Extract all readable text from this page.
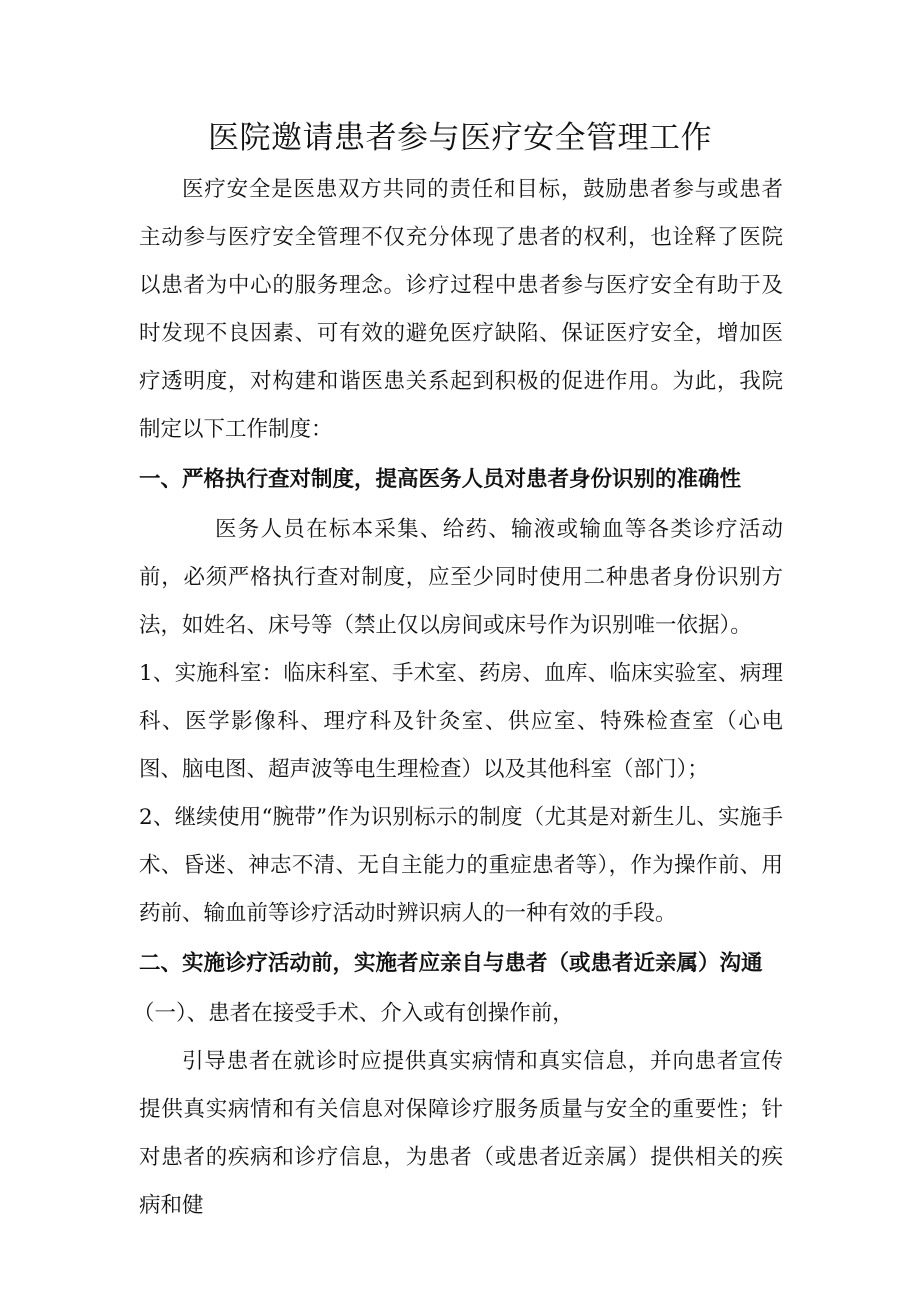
医院邀请患者参与医疗安全管理工作

医疗安全是医患双方共同的责任和目标，鼓励患者参与或患者主动参与医疗安全管理不仅充分体现了患者的权利，也诠释了医院以患者为中心的服务理念。诊疗过程中患者参与医疗安全有助于及时发现不良因素、可有效的避免医疗缺陷、保证医疗安全，增加医疗透明度，对构建和谐医患关系起到积极的促进作用。为此，我院制定以下工作制度：

一、严格执行查对制度，提高医务人员对患者身份识别的准确性

医务人员在标本采集、给药、输液或输血等各类诊疗活动前，必须严格执行查对制度，应至少同时使用二种患者身份识别方法，如姓名、床号等（禁止仅以房间或床号作为识别唯一依据）。

1、实施科室：临床科室、手术室、药房、血库、临床实验室、病理科、医学影像科、理疗科及针灸室、供应室、特殊检查室（心电图、脑电图、超声波等电生理检查）以及其他科室（部门）；

2、继续使用“腕带”作为识别标示的制度（尤其是对新生儿、实施手术、昏迷、神志不清、无自主能力的重症患者等），作为操作前、用药前、输血前等诊疗活动时辨识病人的一种有效的手段。

二、实施诊疗活动前，实施者应亲自与患者（或患者近亲属）沟通

（一）、患者在接受手术、介入或有创操作前，

引导患者在就诊时应提供真实病情和真实信息，并向患者宣传提供真实病情和有关信息对保障诊疗服务质量与安全的重要性；针对患者的疾病和诊疗信息，为患者（或患者近亲属）提供相关的疾病和健
